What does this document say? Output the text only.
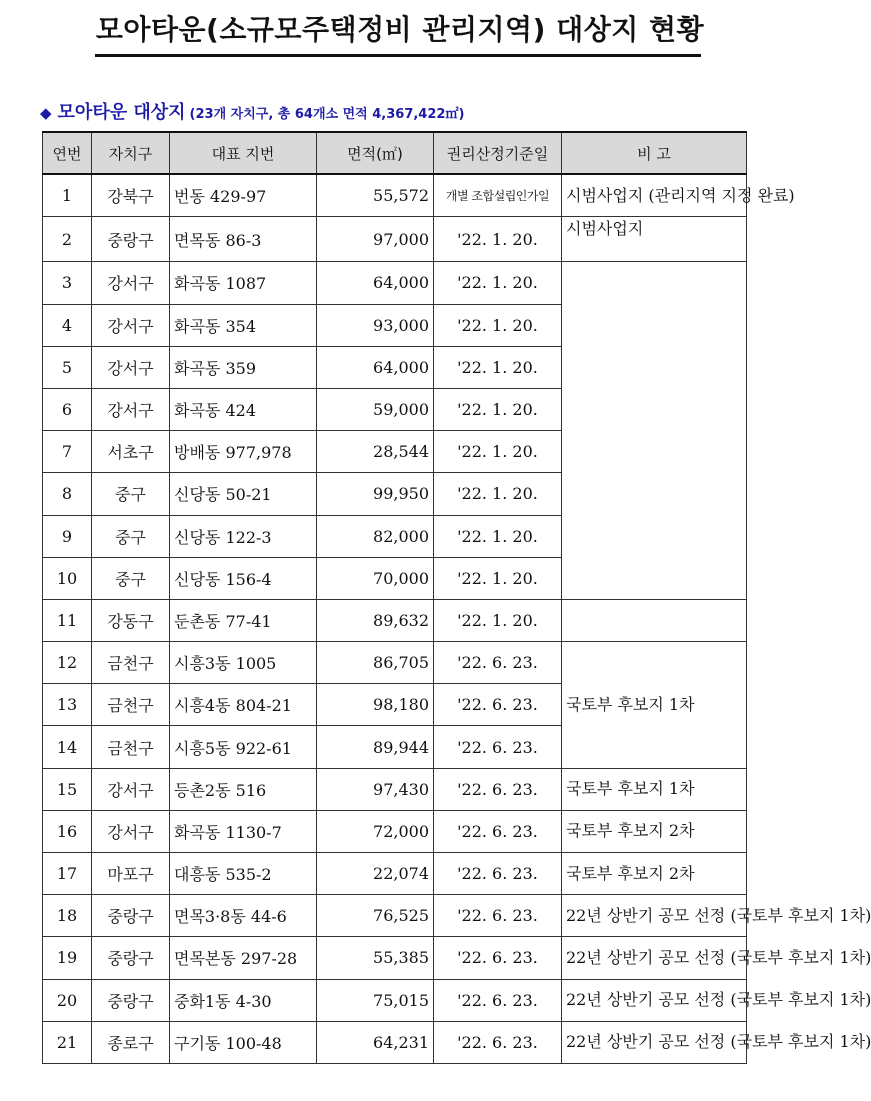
모아타운(소규모주택정비 관리지역) 대상지 현황
◆ 모아타운 대상지 (23개 자치구, 총 64개소 면적 4,367,422㎡)
연번	자치구	대표 지번	면적(㎡)	권리산정기준일	비 고
1	강북구	번동 429-97	55,572	개별 조합설립인가일	시범사업지 (관리지역 지정 완료)
2	중랑구	면목동 86-3	97,000	'22. 1. 20.	시범사업지
3	강서구	화곡동 1087	64,000	'22. 1. 20.	
4	강서구	화곡동 354	93,000	'22. 1. 20.	
5	강서구	화곡동 359	64,000	'22. 1. 20.	
6	강서구	화곡동 424	59,000	'22. 1. 20.	
7	서초구	방배동 977,978	28,544	'22. 1. 20.	
8	중구	신당동 50-21	99,950	'22. 1. 20.	
9	중구	신당동 122-3	82,000	'22. 1. 20.	
10	중구	신당동 156-4	70,000	'22. 1. 20.	
11	강동구	둔촌동 77-41	89,632	'22. 1. 20.	
12	금천구	시흥3동 1005	86,705	'22. 6. 23.	국토부 후보지 1차
13	금천구	시흥4동 804-21	98,180	'22. 6. 23.	
14	금천구	시흥5동 922-61	89,944	'22. 6. 23.	
15	강서구	등촌2동 516	97,430	'22. 6. 23.	국토부 후보지 1차
16	강서구	화곡동 1130-7	72,000	'22. 6. 23.	국토부 후보지 2차
17	마포구	대흥동 535-2	22,074	'22. 6. 23.	국토부 후보지 2차
18	중랑구	면목3·8동 44-6	76,525	'22. 6. 23.	22년 상반기 공모 선정 (국토부 후보지 1차)
19	중랑구	면목본동 297-28	55,385	'22. 6. 23.	22년 상반기 공모 선정 (국토부 후보지 1차)
20	중랑구	중화1동 4-30	75,015	'22. 6. 23.	22년 상반기 공모 선정 (국토부 후보지 1차)
21	종로구	구기동 100-48	64,231	'22. 6. 23.	22년 상반기 공모 선정 (국토부 후보지 1차)
